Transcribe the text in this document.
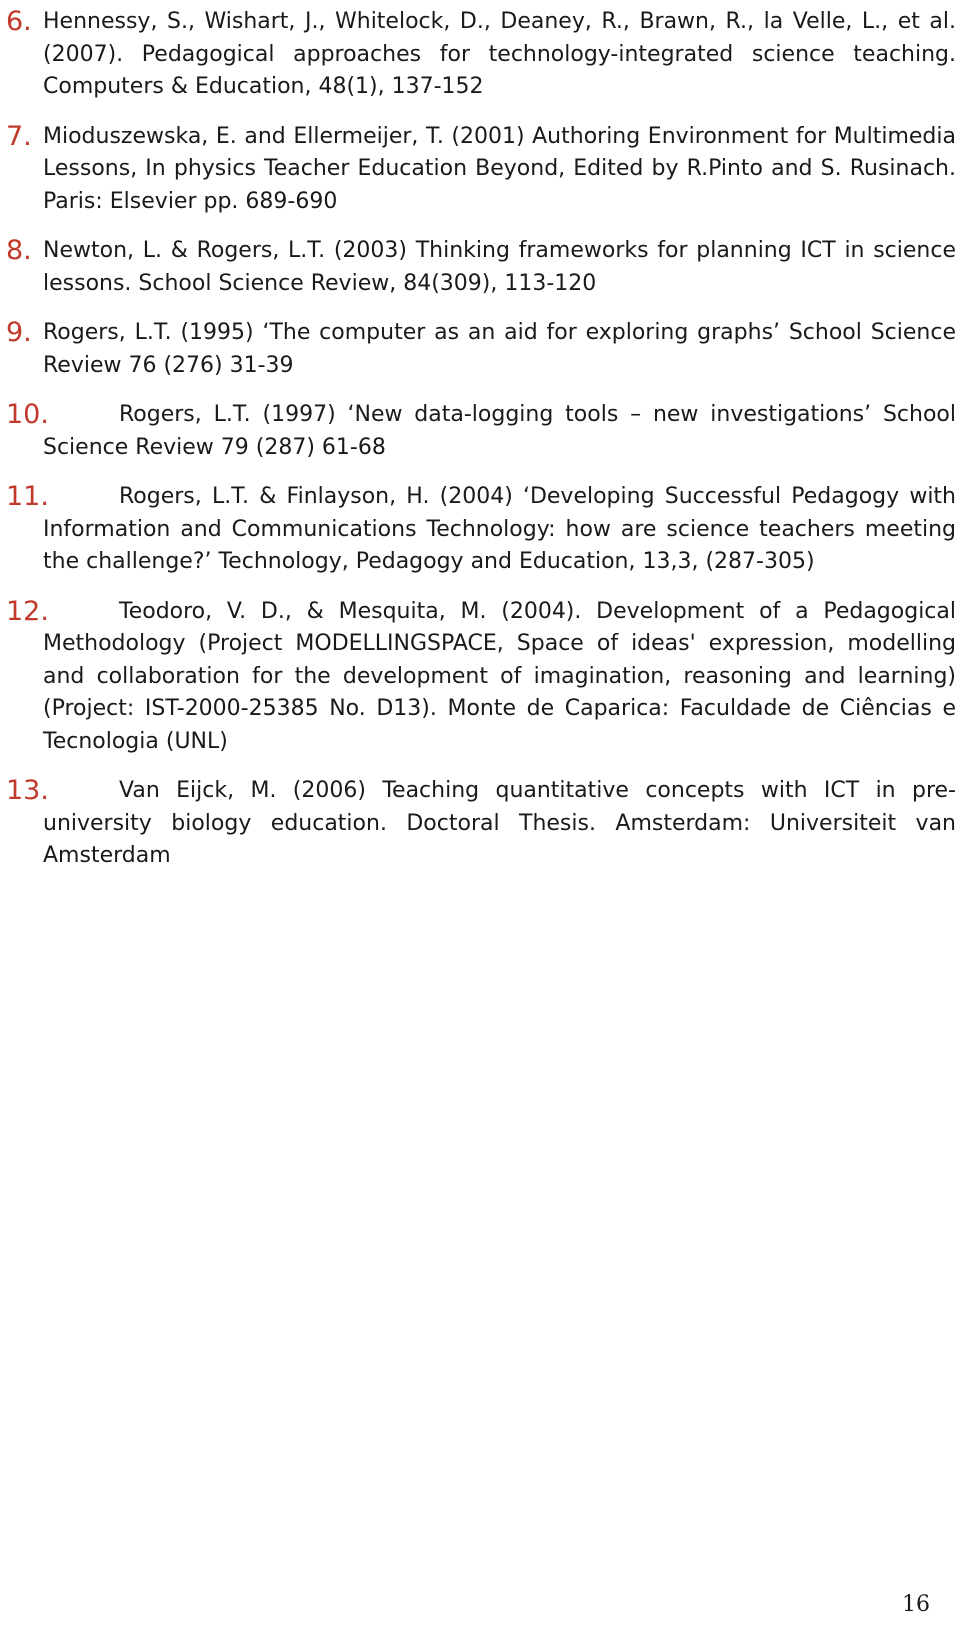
6. Hennessy, S., Wishart, J., Whitelock, D., Deaney, R., Brawn, R., la Velle, L., et al. (2007). Pedagogical approaches for technology-integrated science teaching. Computers & Education, 48(1), 137-152
7. Mioduszewska, E. and Ellermeijer, T. (2001) Authoring Environment for Multimedia Lessons, In physics Teacher Education Beyond, Edited by R.Pinto and S. Rusinach. Paris: Elsevier pp. 689-690
8. Newton, L. & Rogers, L.T. (2003) Thinking frameworks for planning ICT in science lessons. School Science Review, 84(309), 113-120
9. Rogers, L.T. (1995) ‘The computer as an aid for exploring graphs’ School Science Review 76 (276) 31-39
10.	Rogers, L.T. (1997) ‘New data-logging tools – new investigations’ School Science Review 79 (287) 61-68
11.	Rogers, L.T. & Finlayson, H. (2004) ‘Developing Successful Pedagogy with Information and Communications Technology: how are science teachers meeting the challenge?’ Technology, Pedagogy and Education, 13,3, (287-305)
12.	Teodoro, V. D., & Mesquita, M. (2004). Development of a Pedagogical Methodology (Project MODELLINGSPACE, Space of ideas' expression, modelling and collaboration for the development of imagination, reasoning and learning) (Project: IST-2000-25385 No. D13). Monte de Caparica: Faculdade de Ciências e Tecnologia (UNL)
13.	Van Eijck, M. (2006) Teaching quantitative concepts with ICT in pre-university biology education. Doctoral Thesis. Amsterdam: Universiteit van Amsterdam
16
